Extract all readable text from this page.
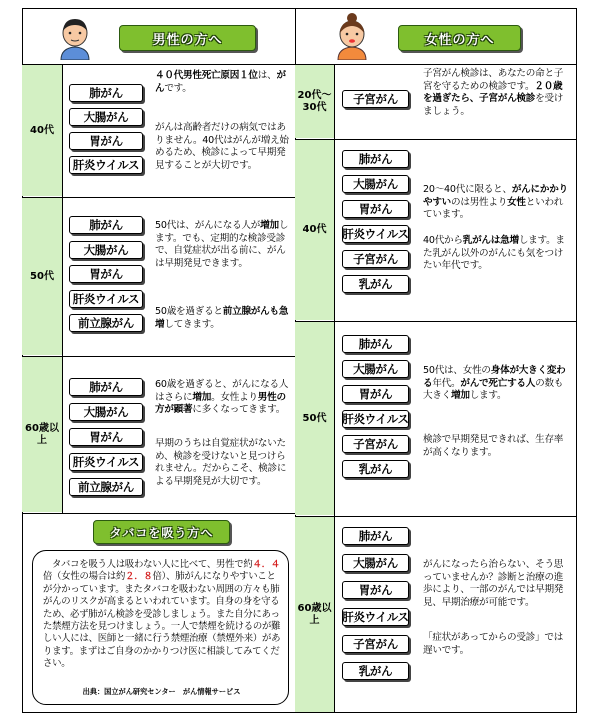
男性の方へ	女性の方へ
40代
肺がん
大腸がん
胃がん
肝炎ウイルス
４０代男性死亡原因１位は、がんです。
がんは高齢者だけの病気ではありません。40代はがんが増え始めるため、検診によって早期発見することが大切です。
50代
肺がん
大腸がん
胃がん
肝炎ウイルス
前立腺がん
50代は、がんになる人が増加します。でも、定期的な検診受診で、自覚症状が出る前に、がんは早期発見できます。
50歳を過ぎると前立腺がんも急増してきます。
60歳以上
肺がん
大腸がん
胃がん
肝炎ウイルス
前立腺がん
60歳を過ぎると、がんになる人はさらに増加。女性より男性の方が顕著に多くなってきます。
早期のうちは自覚症状がないため、検診を受けないと見つけられません。だからこそ、検診による早期発見が大切です。
20代〜30代
子宮がん
子宮がん検診は、あなたの命と子宮を守るための検診です。２０歳を過ぎたら、子宮がん検診を受けましょう。
40代
肺がん
大腸がん
胃がん
肝炎ウイルス
子宮がん
乳がん
20～40代に限ると、がんにかかりやすいのは男性より女性といわれています。
40代から乳がんは急増します。また乳がん以外のがんにも気をつけたい年代です。
50代
肺がん
大腸がん
胃がん
肝炎ウイルス
子宮がん
乳がん
50代は、女性の身体が大きく変わる年代。がんで死亡する人の数も大きく増加します。
検診で早期発見できれば、生存率が高くなります。
60歳以上
肺がん
大腸がん
胃がん
肝炎ウイルス
子宮がん
乳がん
がんになったら治らない、そう思っていませんか？診断と治療の進歩により、一部のがんでは早期発見、早期治療が可能です。
「症状があってからの受診」では遅いです。
タバコを吸う方へ
タバコを吸う人は吸わない人に比べて、男性で約４．４倍（女性の場合は約２．８倍）、肺がんになりやすいことが分かっています。またタバコを吸わない周囲の方々も肺がんのリスクが高まるといわれています。自身の身を守るため、必ず肺がん検診を受診しましょう。また自分にあった禁煙方法を見つけましょう。一人で禁煙を続けるのが難しい人には、医師と一緒に行う禁煙治療（禁煙外来）があります。まずはご自身のかかりつけ医に相談してみてください。
出典：国立がん研究センター　がん情報サービス
